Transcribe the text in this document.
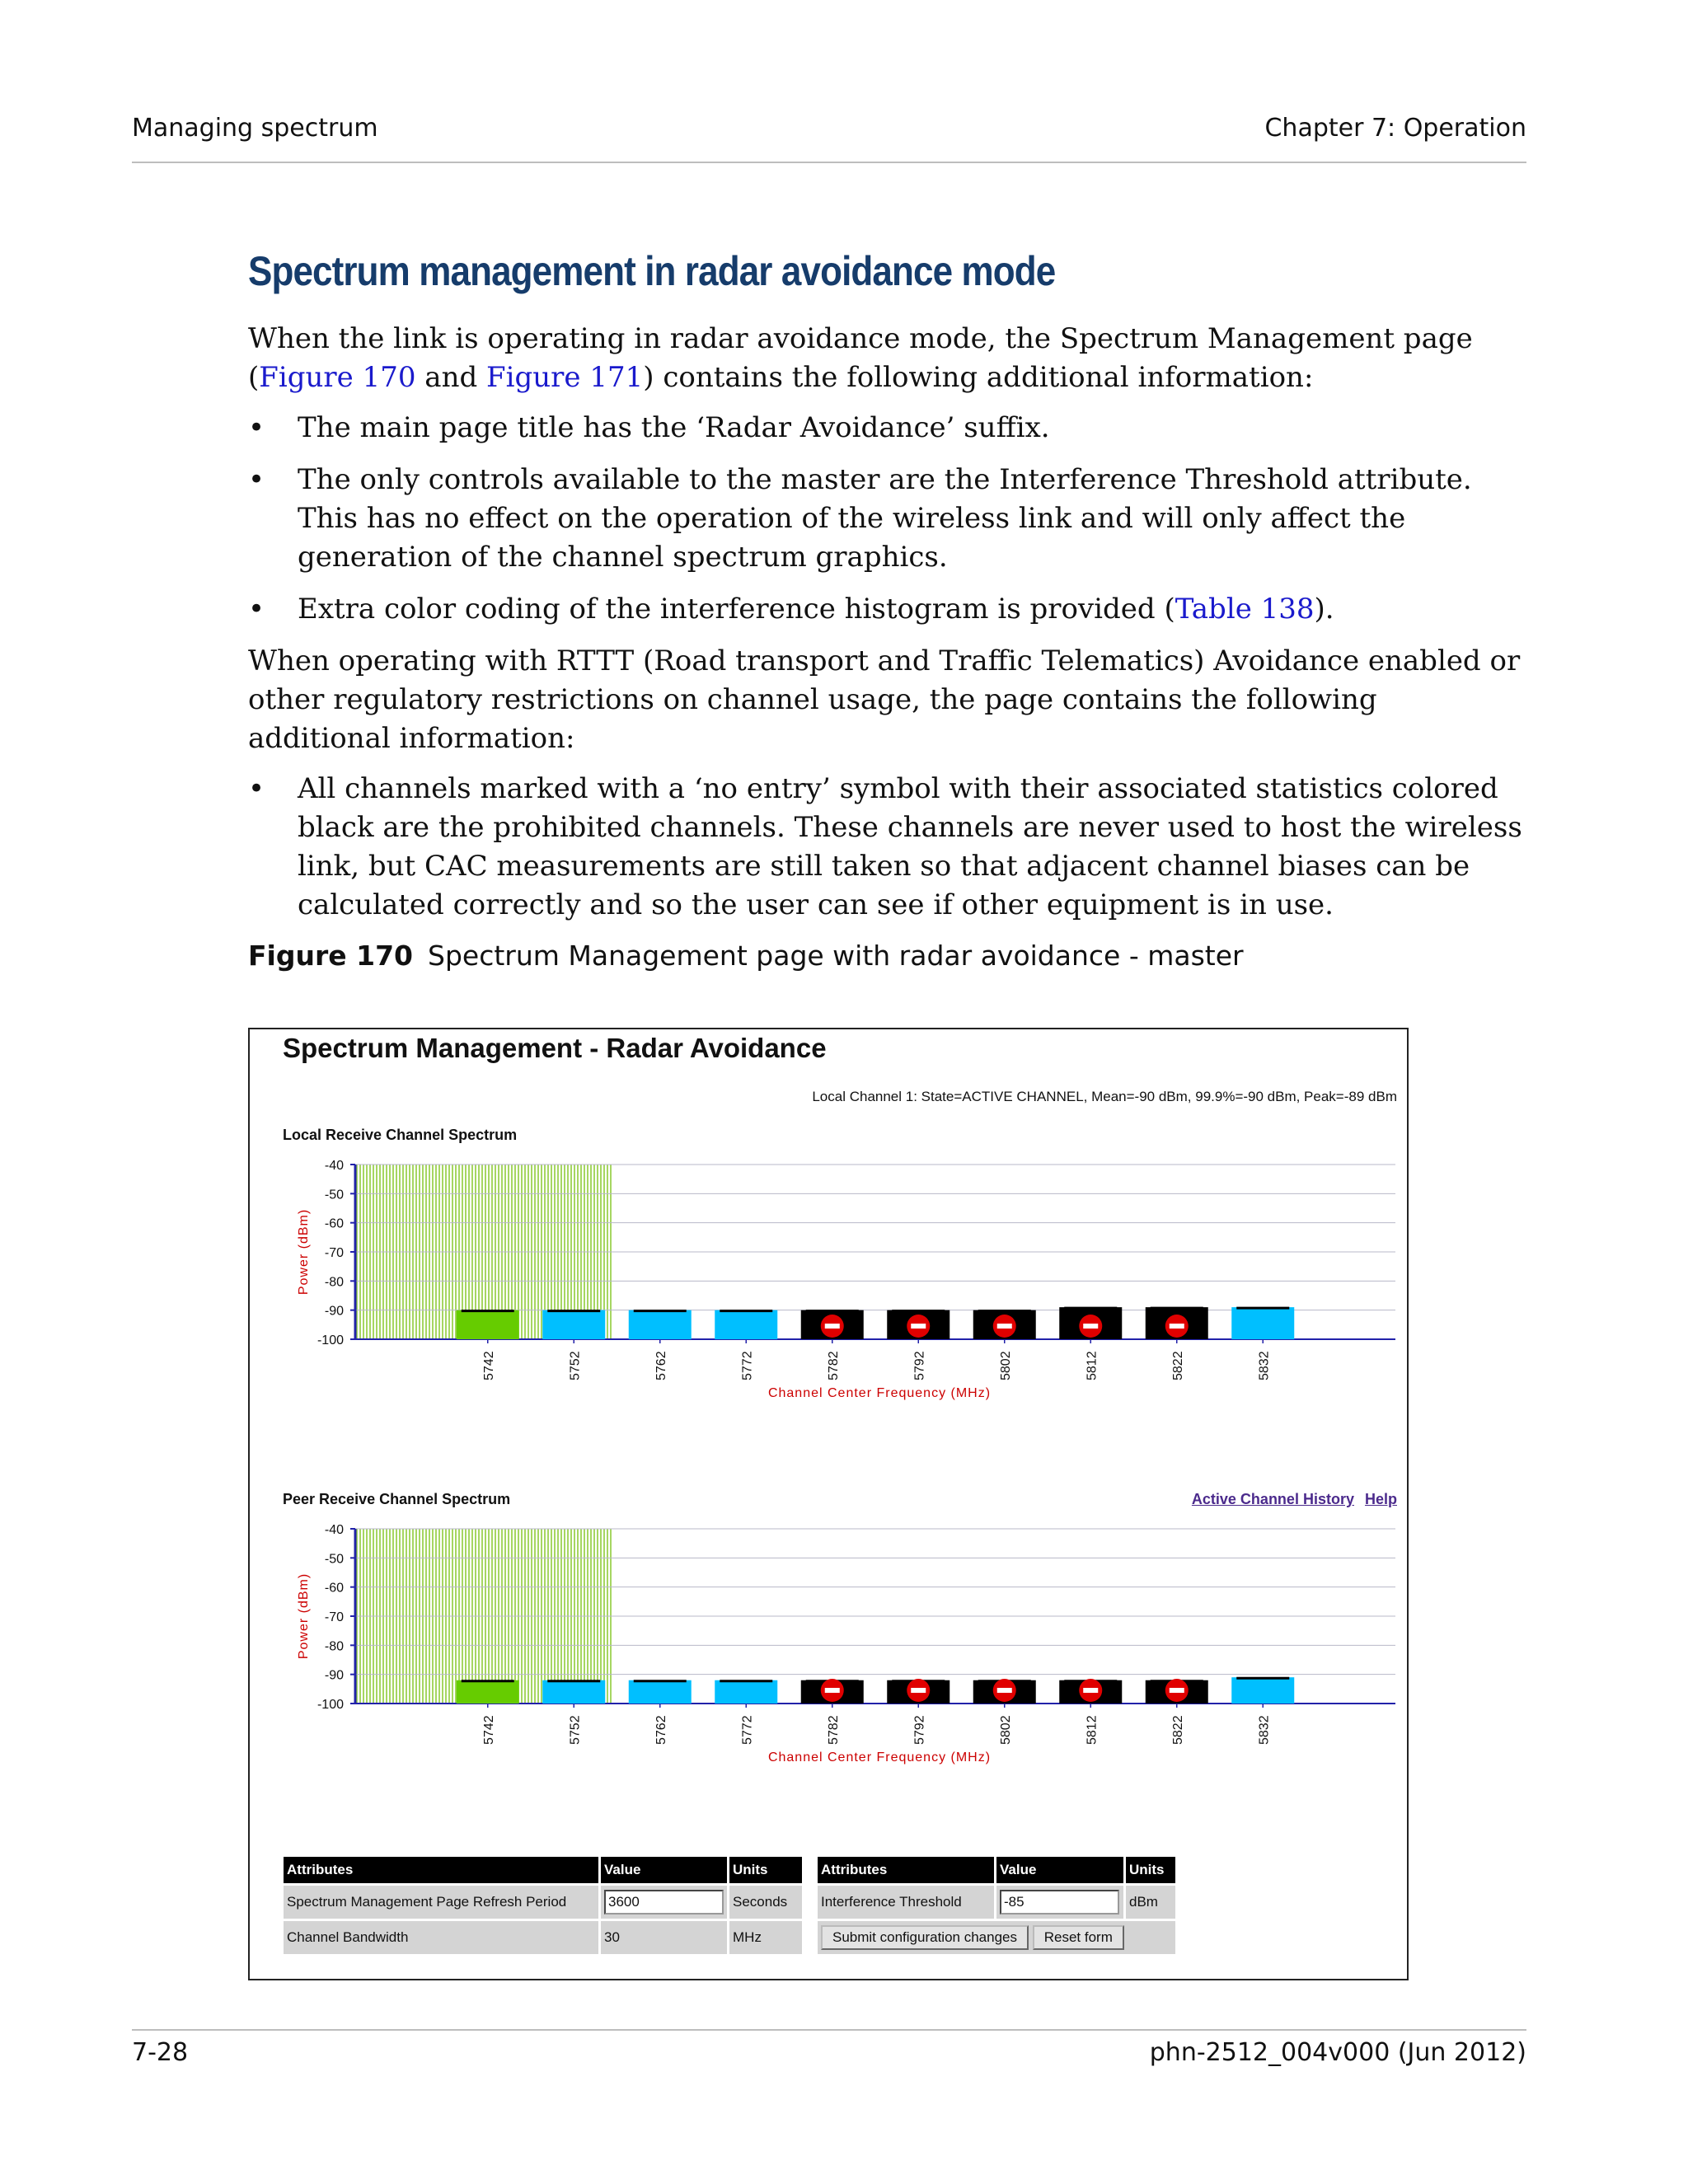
Managing spectrum	Chapter 7: Operation
Spectrum management in radar avoidance mode

When the link is operating in radar avoidance mode, the Spectrum Management page (Figure 170 and Figure 171) contains the following additional information:

• The main page title has the ‘Radar Avoidance’ suffix.
• The only controls available to the master are the Interference Threshold attribute. This has no effect on the operation of the wireless link and will only affect the generation of the channel spectrum graphics.
• Extra color coding of the interference histogram is provided (Table 138).

When operating with RTTT (Road transport and Traffic Telematics) Avoidance enabled or other regulatory restrictions on channel usage, the page contains the following additional information:

• All channels marked with a ‘no entry’ symbol with their associated statistics colored black are the prohibited channels. These channels are never used to host the wireless link, but CAC measurements are still taken so that adjacent channel biases can be calculated correctly and so the user can see if other equipment is in use.
Figure 170 Spectrum Management page with radar avoidance - master
Spectrum Management - Radar Avoidance
Local Channel 1: State=ACTIVE CHANNEL, Mean=-90 dBm, 99.9%=-90 dBm, Peak=-89 dBm
Local Receive Channel Spectrum
-40
-50
-60
-70
-80
-90
-100
Power (dBm)
5742	5752	5762	5772	5782	5792	5802	5812	5822	5832
Channel Center Frequency (MHz)
Peer Receive Channel Spectrum	Active Channel History Help
-40
-50
-60
-70
-80
-90
-100
Power (dBm)
5742	5752	5762	5772	5782	5792	5802	5812	5822	5832
Channel Center Frequency (MHz)
Attributes	Value	Units
Spectrum Management Page Refresh Period	3600	Seconds
Channel Bandwidth	30	MHz
Attributes	Value	Units
Interference Threshold	-85	dBm
Submit configuration changes Reset form		
7-28	phn-2512_004v000 (Jun 2012)
